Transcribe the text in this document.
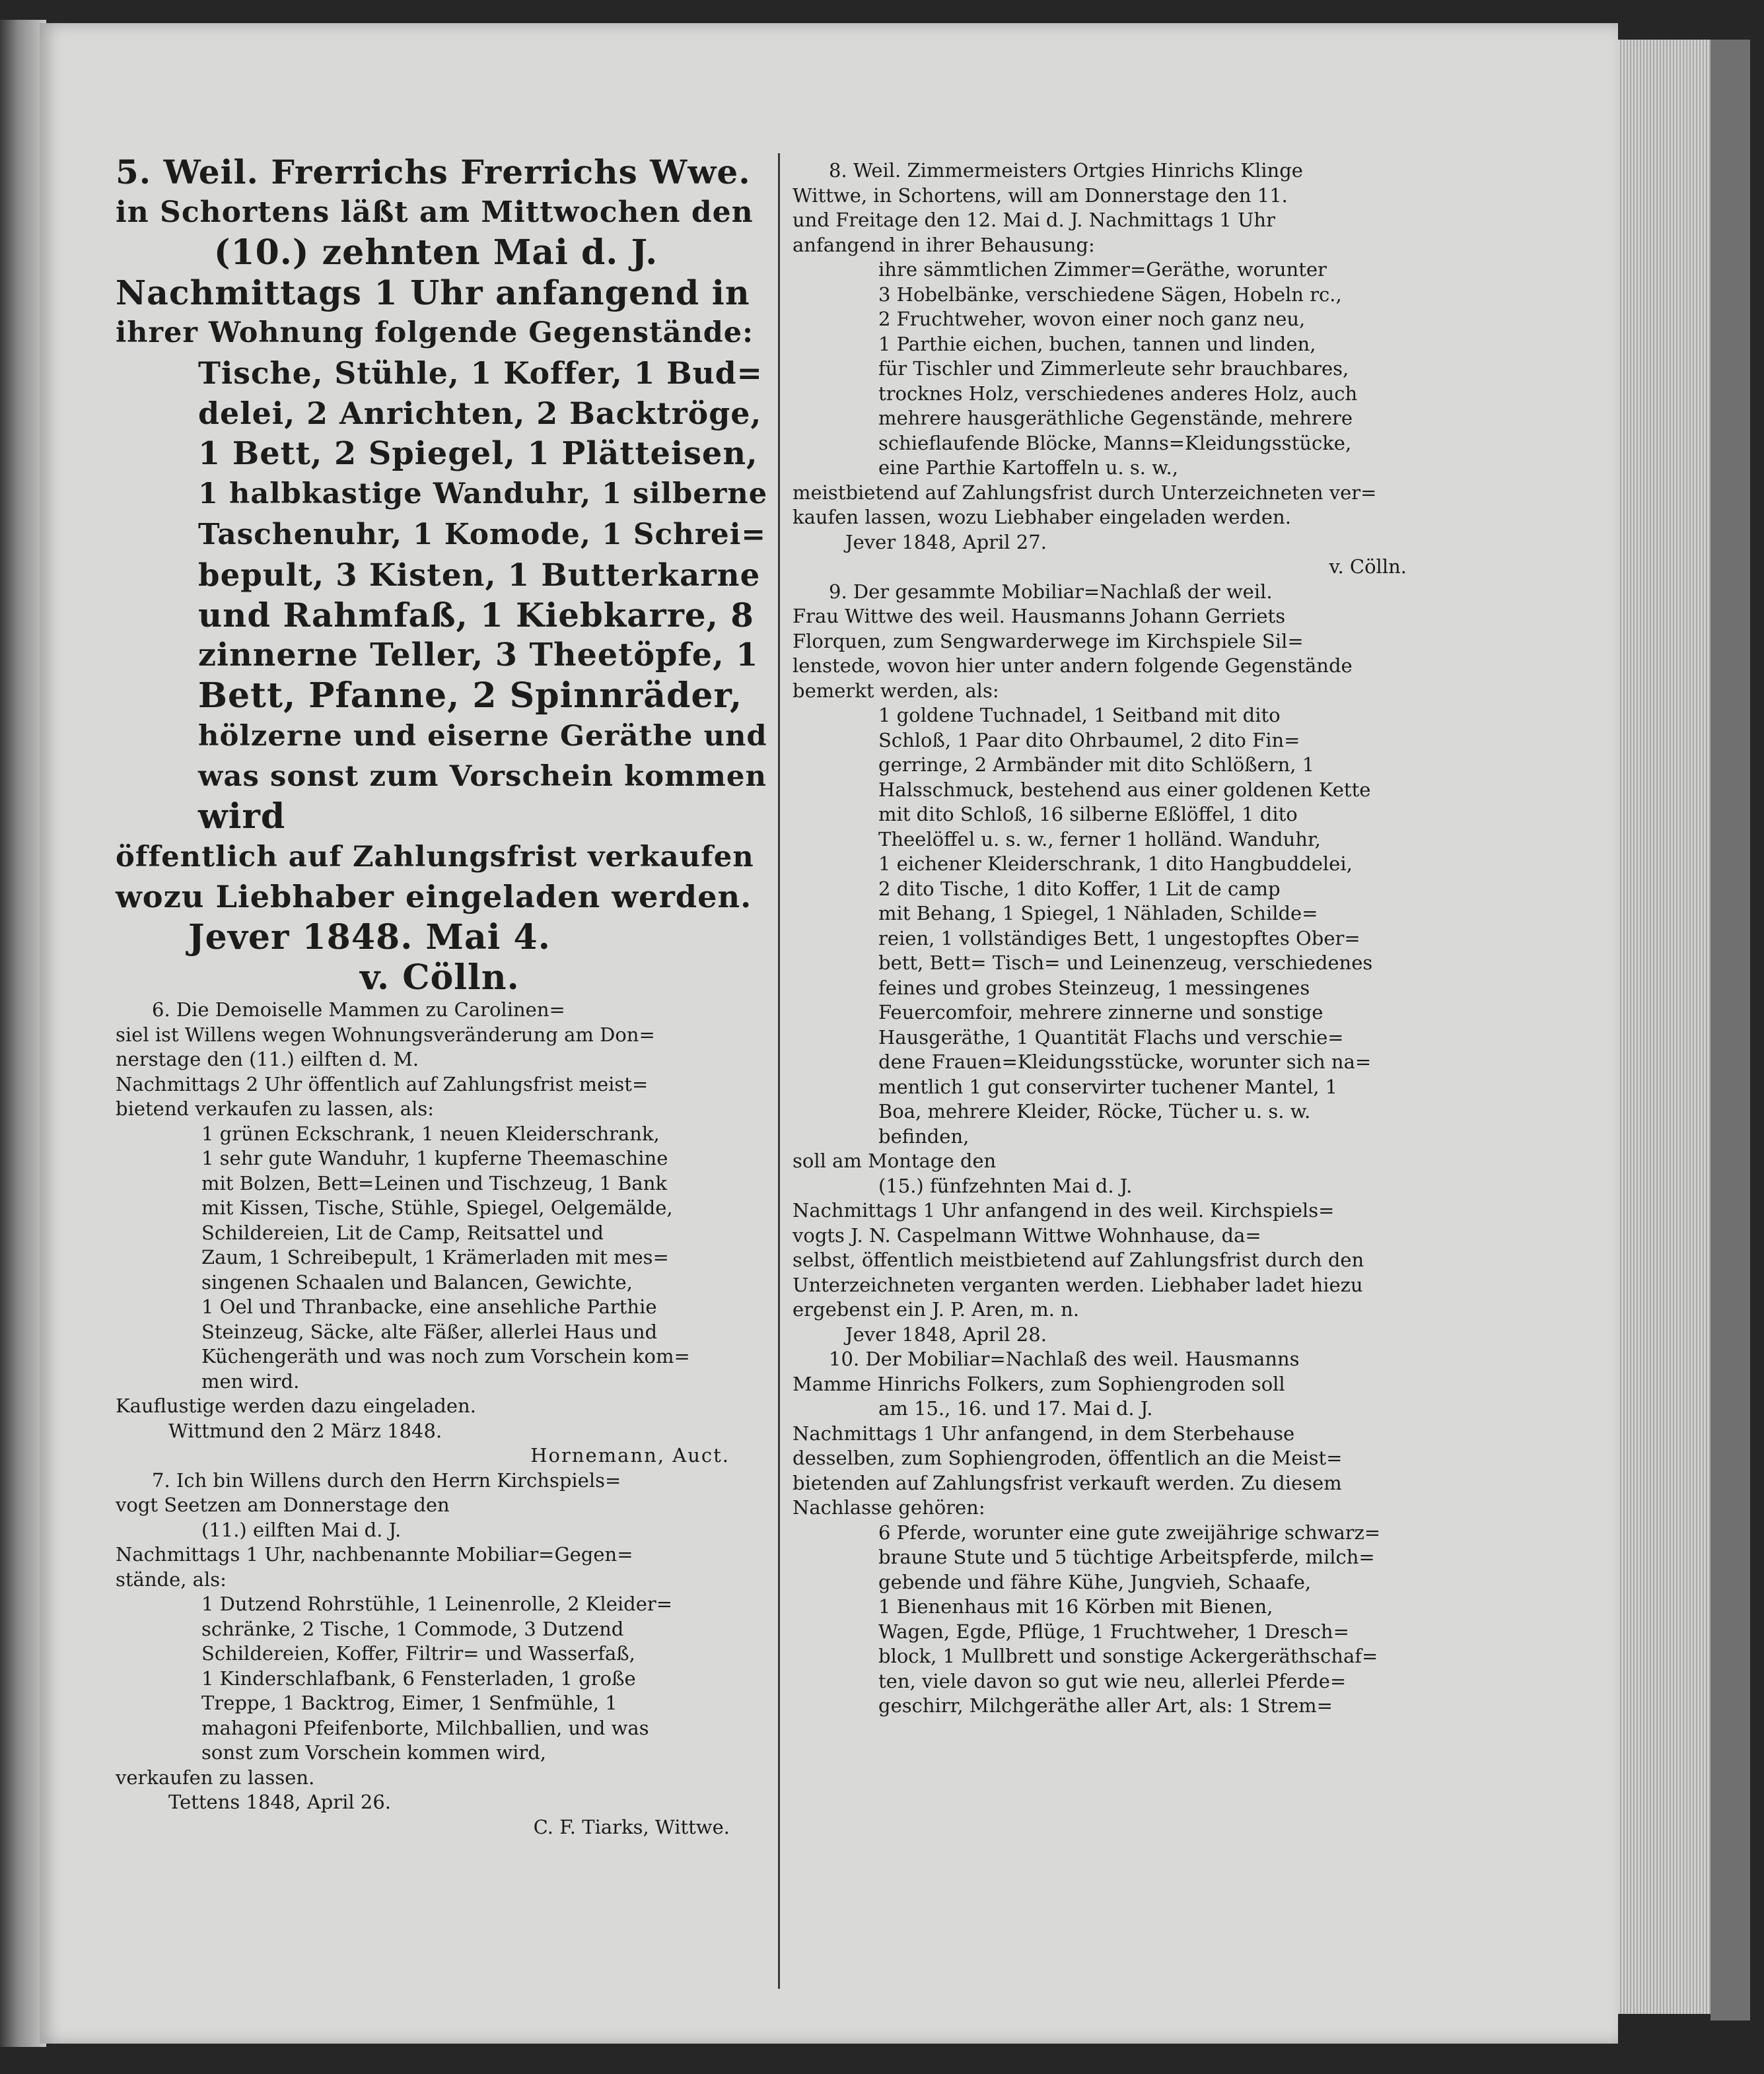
5. Weil. Frerrichs Frerrichs Wwe.

in Schortens läßt am Mittwochen den

(10.) zehnten Mai d. J.

Nachmittags 1 Uhr anfangend in

ihrer Wohnung folgende Gegenstände:

Tische, Stühle, 1 Koffer, 1 Bud=

delei, 2 Anrichten, 2 Backtröge,

1 Bett, 2 Spiegel, 1 Plätteisen,

1 halbkastige Wanduhr, 1 silberne

Taschenuhr, 1 Komode, 1 Schrei=

bepult, 3 Kisten, 1 Butterkarne

und Rahmfaß, 1 Kiebkarre, 8

zinnerne Teller, 3 Theetöpfe, 1

Bett, Pfanne, 2 Spinnräder,

hölzerne und eiserne Geräthe und

was sonst zum Vorschein kommen

wird

öffentlich auf Zahlungsfrist verkaufen

wozu Liebhaber eingeladen werden.

Jever 1848. Mai 4.

v. Cölln.

6. Die Demoiselle Mammen zu Carolinen=

siel ist Willens wegen Wohnungsveränderung am Don=

nerstage den (11.) eilften d. M.

Nachmittags 2 Uhr öffentlich auf Zahlungsfrist meist=

bietend verkaufen zu lassen, als:

1 grünen Eckschrank, 1 neuen Kleiderschrank,

1 sehr gute Wanduhr, 1 kupferne Theemaschine

mit Bolzen, Bett=Leinen und Tischzeug, 1 Bank

mit Kissen, Tische, Stühle, Spiegel, Oelgemälde,

Schildereien, Lit de Camp, Reitsattel und

Zaum, 1 Schreibepult, 1 Krämerladen mit mes=

singenen Schaalen und Balancen, Gewichte,

1 Oel und Thranbacke, eine ansehliche Parthie

Steinzeug, Säcke, alte Fäßer, allerlei Haus und

Küchengeräth und was noch zum Vorschein kom=

men wird.

Kauflustige werden dazu eingeladen.

Wittmund den 2 März 1848.

Hornemann, Auct.

7. Ich bin Willens durch den Herrn Kirchspiels=

vogt Seetzen am Donnerstage den

(11.) eilften Mai d. J.

Nachmittags 1 Uhr, nachbenannte Mobiliar=Gegen=

stände, als:

1 Dutzend Rohrstühle, 1 Leinenrolle, 2 Kleider=

schränke, 2 Tische, 1 Commode, 3 Dutzend

Schildereien, Koffer, Filtrir= und Wasserfaß,

1 Kinderschlafbank, 6 Fensterladen, 1 große

Treppe, 1 Backtrog, Eimer, 1 Senfmühle, 1

mahagoni Pfeifenborte, Milchballien, und was

sonst zum Vorschein kommen wird,

verkaufen zu lassen.

Tettens 1848, April 26.

C. F. Tiarks, Wittwe.

8. Weil. Zimmermeisters Ortgies Hinrichs Klinge

Wittwe, in Schortens, will am Donnerstage den 11.

und Freitage den 12. Mai d. J. Nachmittags 1 Uhr

anfangend in ihrer Behausung:

ihre sämmtlichen Zimmer=Geräthe, worunter

3 Hobelbänke, verschiedene Sägen, Hobeln rc.,

2 Fruchtweher, wovon einer noch ganz neu,

1 Parthie eichen, buchen, tannen und linden,

für Tischler und Zimmerleute sehr brauchbares,

trocknes Holz, verschiedenes anderes Holz, auch

mehrere hausgeräthliche Gegenstände, mehrere

schieflaufende Blöcke, Manns=Kleidungsstücke,

eine Parthie Kartoffeln u. s. w.,

meistbietend auf Zahlungsfrist durch Unterzeichneten ver=

kaufen lassen, wozu Liebhaber eingeladen werden.

Jever 1848, April 27.

v. Cölln.

9. Der gesammte Mobiliar=Nachlaß der weil.

Frau Wittwe des weil. Hausmanns Johann Gerriets

Florquen, zum Sengwarderwege im Kirchspiele Sil=

lenstede, wovon hier unter andern folgende Gegenstände

bemerkt werden, als:

1 goldene Tuchnadel, 1 Seitband mit dito

Schloß, 1 Paar dito Ohrbaumel, 2 dito Fin=

gerringe, 2 Armbänder mit dito Schlößern, 1

Halsschmuck, bestehend aus einer goldenen Kette

mit dito Schloß, 16 silberne Eßlöffel, 1 dito

Theelöffel u. s. w., ferner 1 holländ. Wanduhr,

1 eichener Kleiderschrank, 1 dito Hangbuddelei,

2 dito Tische, 1 dito Koffer, 1 Lit de camp

mit Behang, 1 Spiegel, 1 Nähladen, Schilde=

reien, 1 vollständiges Bett, 1 ungestopftes Ober=

bett, Bett= Tisch= und Leinenzeug, verschiedenes

feines und grobes Steinzeug, 1 messingenes

Feuercomfoir, mehrere zinnerne und sonstige

Hausgeräthe, 1 Quantität Flachs und verschie=

dene Frauen=Kleidungsstücke, worunter sich na=

mentlich 1 gut conservirter tuchener Mantel, 1

Boa, mehrere Kleider, Röcke, Tücher u. s. w.

befinden,

soll am Montage den

(15.) fünfzehnten Mai d. J.

Nachmittags 1 Uhr anfangend in des weil. Kirchspiels=

vogts J. N. Caspelmann Wittwe Wohnhause, da=

selbst, öffentlich meistbietend auf Zahlungsfrist durch den

Unterzeichneten verganten werden. Liebhaber ladet hiezu

ergebenst ein J. P. Aren, m. n.

Jever 1848, April 28.

10. Der Mobiliar=Nachlaß des weil. Hausmanns

Mamme Hinrichs Folkers, zum Sophiengroden soll

am 15., 16. und 17. Mai d. J.

Nachmittags 1 Uhr anfangend, in dem Sterbehause

desselben, zum Sophiengroden, öffentlich an die Meist=

bietenden auf Zahlungsfrist verkauft werden. Zu diesem

Nachlasse gehören:

6 Pferde, worunter eine gute zweijährige schwarz=

braune Stute und 5 tüchtige Arbeitspferde, milch=

gebende und fähre Kühe, Jungvieh, Schaafe,

1 Bienenhaus mit 16 Körben mit Bienen,

Wagen, Egde, Pflüge, 1 Fruchtweher, 1 Dresch=

block, 1 Mullbrett und sonstige Ackergeräthschaf=

ten, viele davon so gut wie neu, allerlei Pferde=

geschirr, Milchgeräthe aller Art, als: 1 Strem=
